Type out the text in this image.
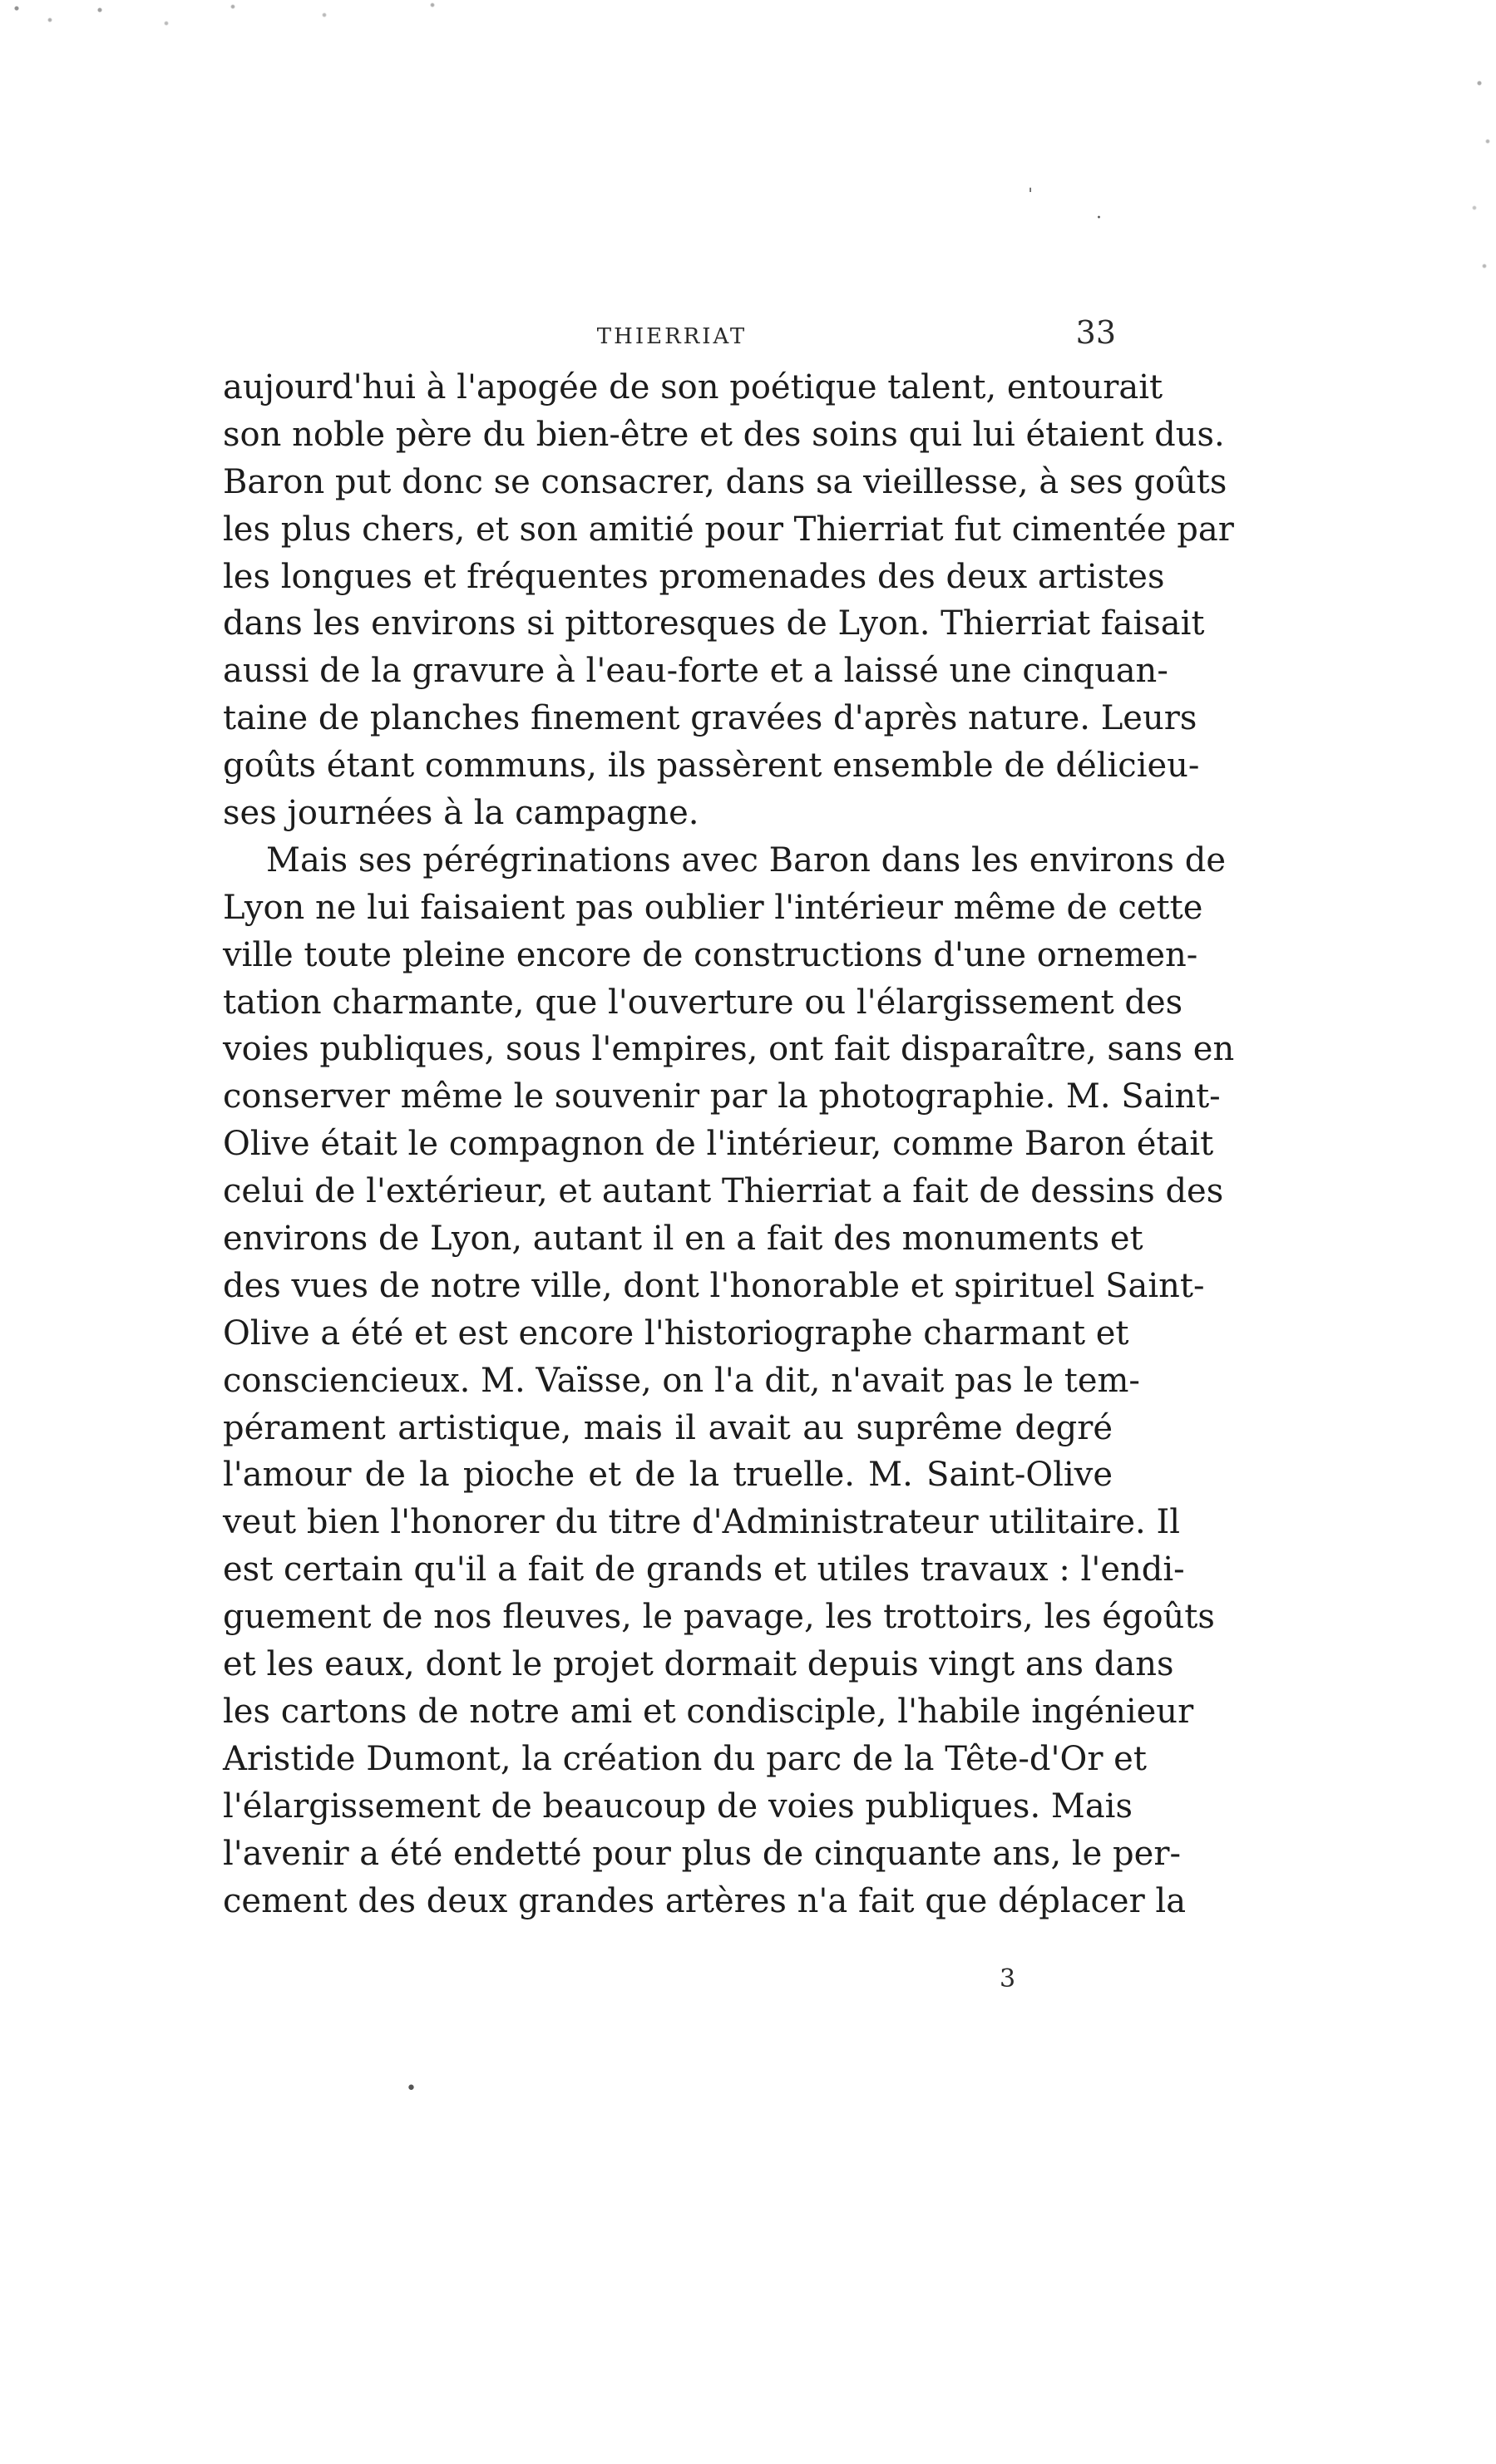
THIERRIAT	33
aujourd'hui à l'apogée de son poétique talent, entourait
son noble père du bien-être et des soins qui lui étaient dus.
Baron put donc se consacrer, dans sa vieillesse, à ses goûts
les plus chers, et son amitié pour Thierriat fut cimentée par
les longues et fréquentes promenades des deux artistes
dans les environs si pittoresques de Lyon. Thierriat faisait
aussi de la gravure à l'eau-forte et a laissé une cinquan-
taine de planches finement gravées d'après nature. Leurs
goûts étant communs, ils passèrent ensemble de délicieu-
ses journées à la campagne.
Mais ses pérégrinations avec Baron dans les environs de
Lyon ne lui faisaient pas oublier l'intérieur même de cette
ville toute pleine encore de constructions d'une ornemen-
tation charmante, que l'ouverture ou l'élargissement des
voies publiques, sous l'empires, ont fait disparaître, sans en
conserver même le souvenir par la photographie. M. Saint-
Olive était le compagnon de l'intérieur, comme Baron était
celui de l'extérieur, et autant Thierriat a fait de dessins des
environs de Lyon, autant il en a fait des monuments et
des vues de notre ville, dont l'honorable et spirituel Saint-
Olive a été et est encore l'historiographe charmant et
consciencieux. M. Vaïsse, on l'a dit, n'avait pas le tem-
pérament artistique, mais il avait au suprême degré
l'amour de la pioche et de la truelle. M. Saint-Olive
veut bien l'honorer du titre d'Administrateur utilitaire. Il
est certain qu'il a fait de grands et utiles travaux : l'endi-
guement de nos fleuves, le pavage, les trottoirs, les égoûts
et les eaux, dont le projet dormait depuis vingt ans dans
les cartons de notre ami et condisciple, l'habile ingénieur
Aristide Dumont, la création du parc de la Tête-d'Or et
l'élargissement de beaucoup de voies publiques. Mais
l'avenir a été endetté pour plus de cinquante ans, le per-
cement des deux grandes artères n'a fait que déplacer la
3
ˈ
·
•
